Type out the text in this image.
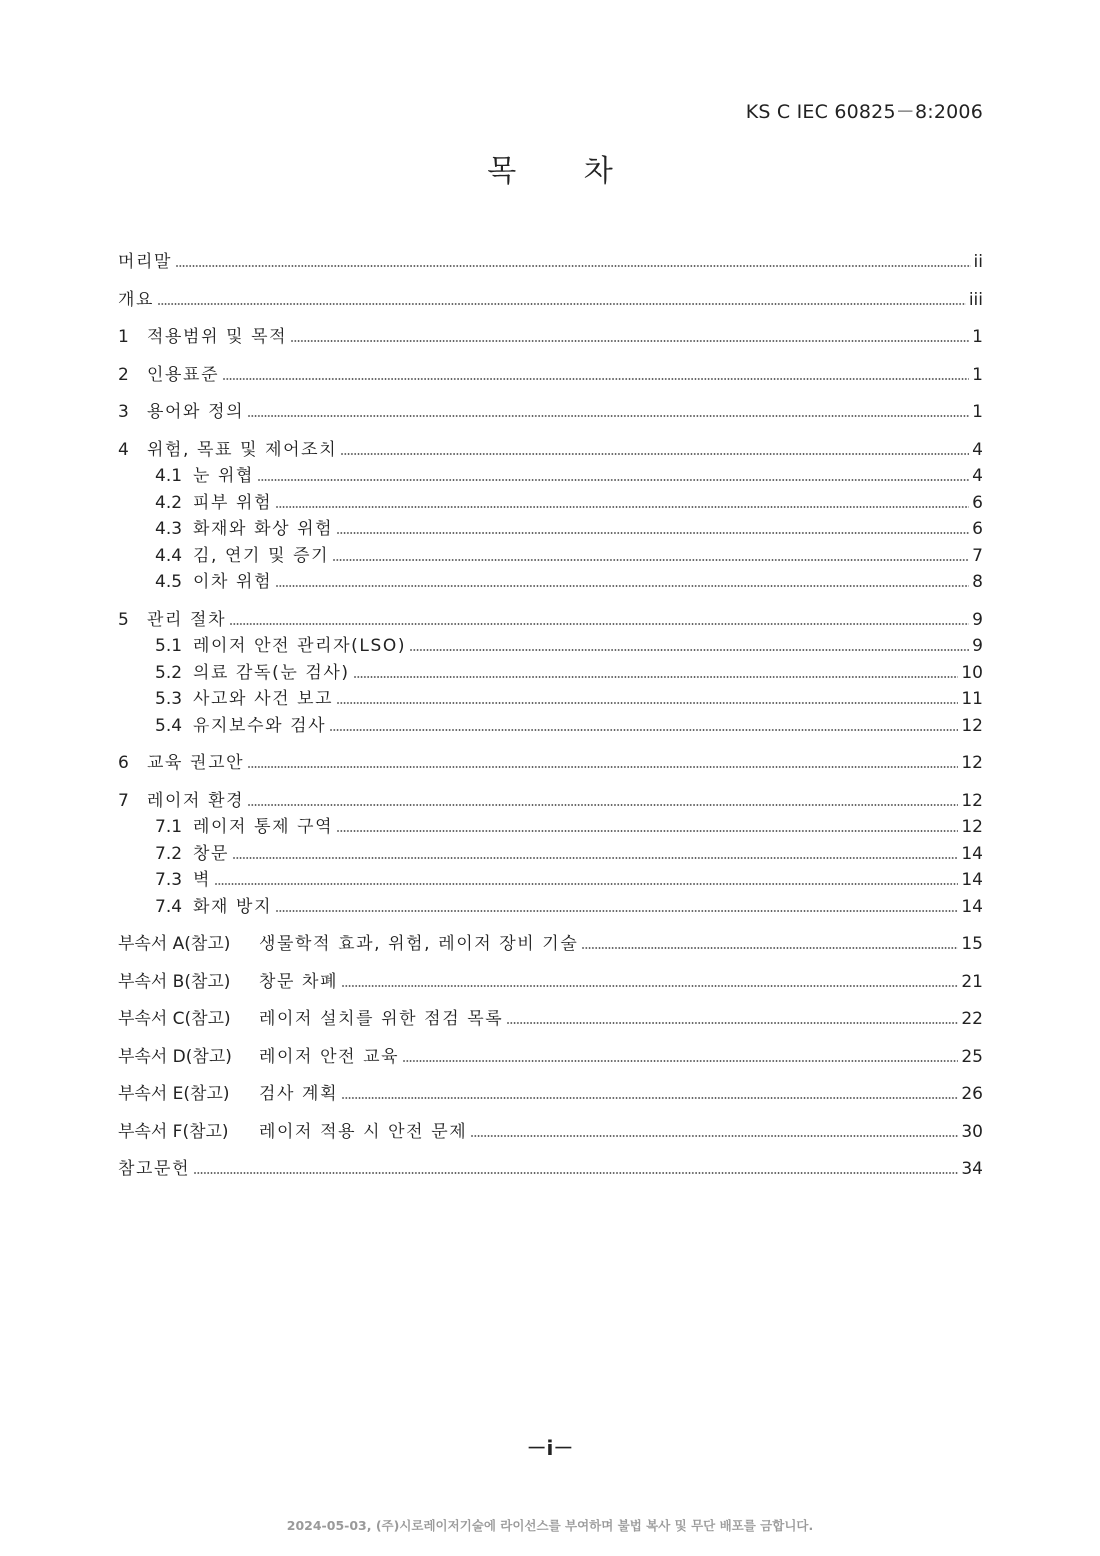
KS C IEC 60825－8:2006
목 차
머리말	ii
개요	iii
1	적용범위 및 목적	1
2	인용표준	1
3	용어와 정의	1
4	위험, 목표 및 제어조치	4
4.1 눈 위협	4
4.2 피부 위험	6
4.3 화재와 화상 위험	6
4.4 김, 연기 및 증기	7
4.5 이차 위험	8
5	관리 절차	9
5.1 레이저 안전 관리자(LSO)	9
5.2 의료 감독(눈 검사)	10
5.3 사고와 사건 보고	11
5.4 유지보수와 검사	12
6	교육 권고안	12
7	레이저 환경	12
7.1 레이저 통제 구역	12
7.2 창문	14
7.3 벽	14
7.4 화재 방지	14
부속서 A(참고)	생물학적 효과, 위험, 레이저 장비 기술	15
부속서 B(참고)	창문 차폐	21
부속서 C(참고)	레이저 설치를 위한 점검 목록	22
부속서 D(참고)	레이저 안전 교육	25
부속서 E(참고)	검사 계획	26
부속서 F(참고)	레이저 적용 시 안전 문제	30
참고문헌	34
－i－
2024-05-03, (주)시로레이저기술에 라이선스를 부여하며 불법 복사 및 무단 배포를 금합니다.
